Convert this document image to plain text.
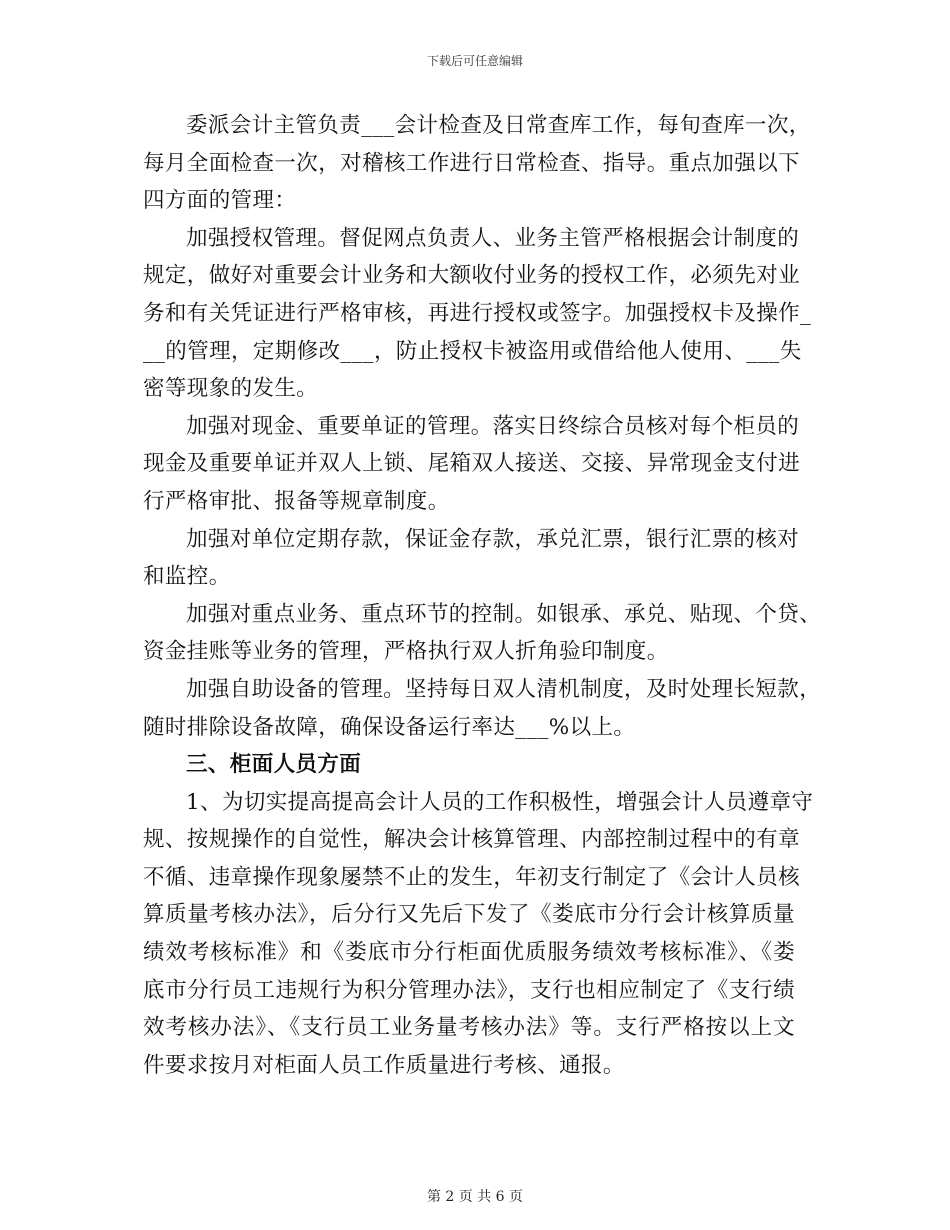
下载后可任意编辑
委派会计主管负责___会计检查及日常查库工作，每旬查库一次，
每月全面检查一次，对稽核工作进行日常检查、指导。重点加强以下
四方面的管理：
加强授权管理。督促网点负责人、业务主管严格根据会计制度的
规定，做好对重要会计业务和大额收付业务的授权工作，必须先对业
务和有关凭证进行严格审核，再进行授权或签字。加强授权卡及操作_
__的管理，定期修改___，防止授权卡被盗用或借给他人使用、___失
密等现象的发生。
加强对现金、重要单证的管理。落实日终综合员核对每个柜员的
现金及重要单证并双人上锁、尾箱双人接送、交接、异常现金支付进
行严格审批、报备等规章制度。
加强对单位定期存款，保证金存款，承兑汇票，银行汇票的核对
和监控。
加强对重点业务、重点环节的控制。如银承、承兑、贴现、个贷、
资金挂账等业务的管理，严格执行双人折角验印制度。
加强自助设备的管理。坚持每日双人清机制度，及时处理长短款，
随时排除设备故障，确保设备运行率达___%以上。
三、柜面人员方面
1、为切实提高提高会计人员的工作积极性，增强会计人员遵章守
规、按规操作的自觉性，解决会计核算管理、内部控制过程中的有章
不循、违章操作现象屡禁不止的发生，年初支行制定了《会计人员核
算质量考核办法》，后分行又先后下发了《娄底市分行会计核算质量
绩效考核标准》和《娄底市分行柜面优质服务绩效考核标准》、《娄
底市分行员工违规行为积分管理办法》，支行也相应制定了《支行绩
效考核办法》、《支行员工业务量考核办法》等。支行严格按以上文
件要求按月对柜面人员工作质量进行考核、通报。
第 2 页 共 6 页
